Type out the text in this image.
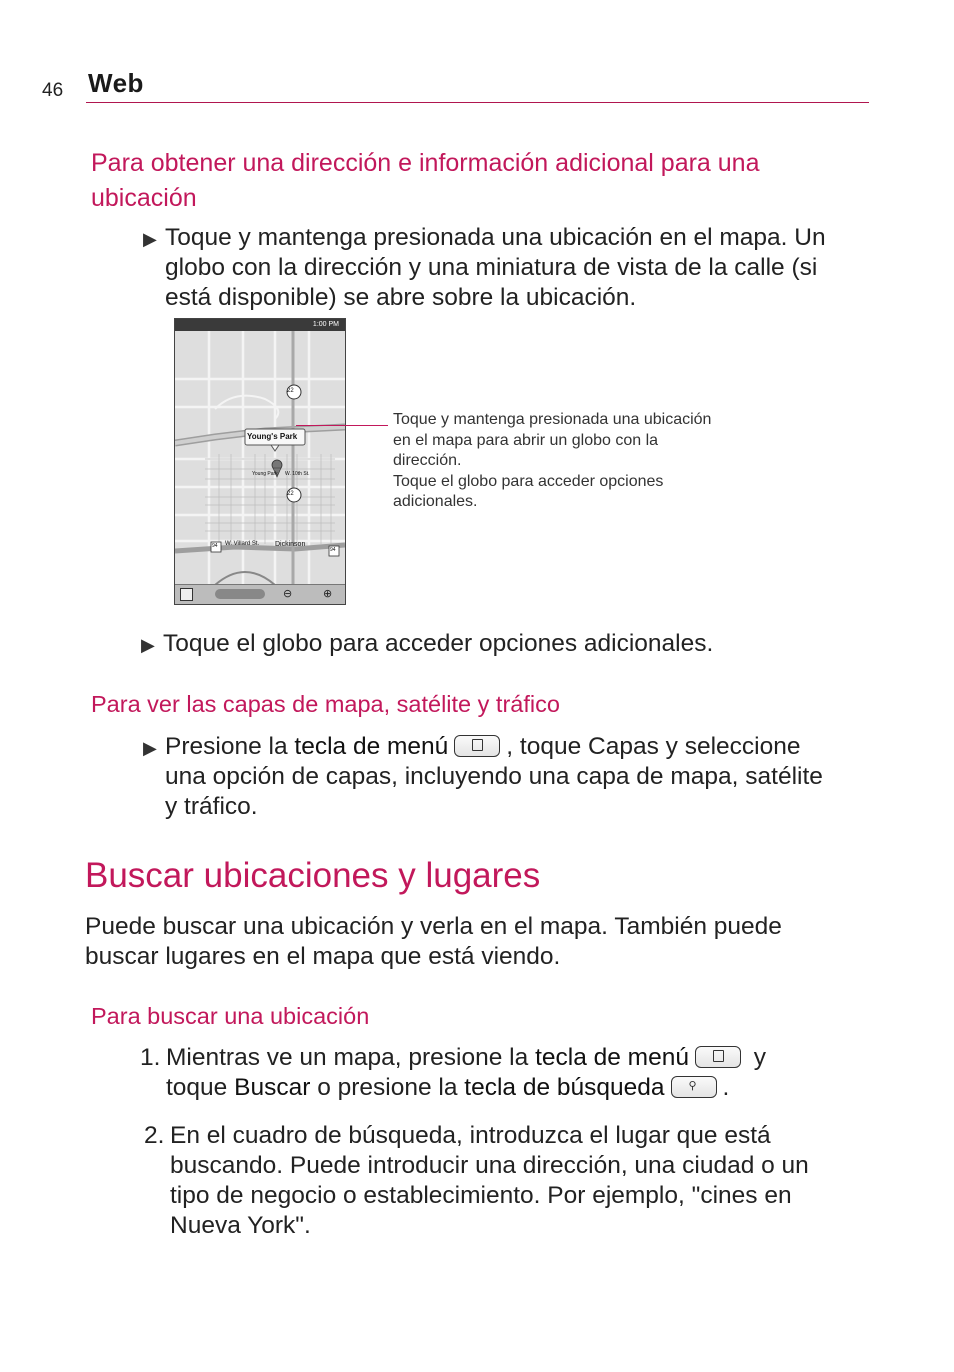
46 Web
Para obtener una dirección e información adicional para una
ubicación
▶ Toque y mantenga presionada una ubicación en el mapa. Un
globo con la dirección y una miniatura de vista de la calle (si
está disponible) se abre sobre la ubicación.
1:00 PM
Young's Park
22
22
94
94
W. Villard St. Dickinson
W. 10th St.
Young Park
⊖	⊕
Toque y mantenga presionada una ubicación
en el mapa para abrir un globo con la
dirección.
Toque el globo para acceder opciones
adicionales.
▶ Toque el globo para acceder opciones adicionales.
Para ver las capas de mapa, satélite y tráfico
▶ Presione la tecla de menú , toque Capas y seleccione
una opción de capas, incluyendo una capa de mapa, satélite
y tráfico.
Buscar ubicaciones y lugares
Puede buscar una ubicación y verla en el mapa. También puede
buscar lugares en el mapa que está viendo.
Para buscar una ubicación
1. Mientras ve un mapa, presione la tecla de menú
y
toque Buscar o presione la tecla de búsqueda ⚲ .
2. En el cuadro de búsqueda, introduzca el lugar que está
buscando. Puede introducir una dirección, una ciudad o un
tipo de negocio o establecimiento. Por ejemplo, "cines en
Nueva York".
